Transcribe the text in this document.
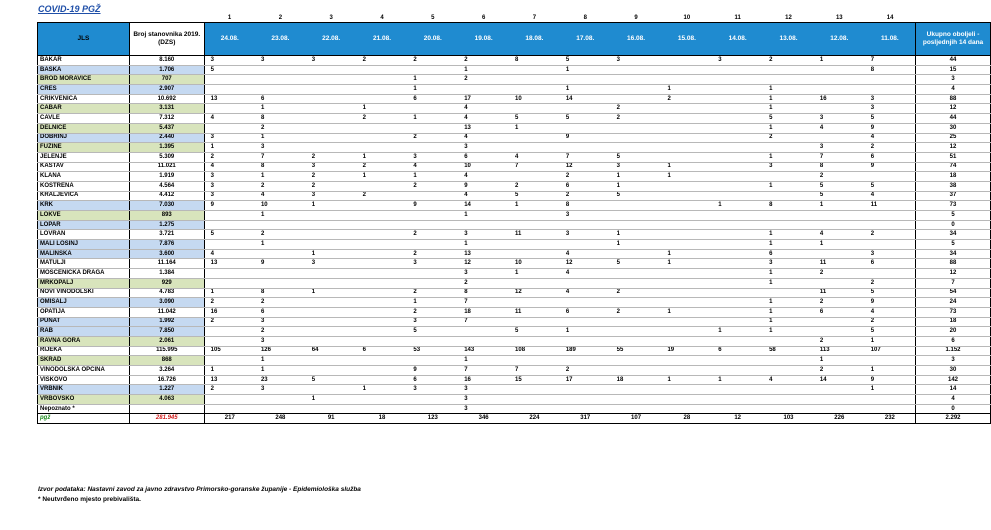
COVID-19 PGŽ
		1	2	3	4	5	6	7	8	9	10	11	12	13	14	
JLS	Broj stanovnika 2019. (DZS)	24.08.	23.08.	22.08.	21.08.	20.08.	19.08.	18.08.	17.08.	16.08.	15.08.	14.08.	13.08.	12.08.	11.08.	Ukupno oboljeli - posljednjih 14 dana
BAKAR	8.160	3	3	3	2	2	2	8	5	3		3	2	1	7	44
BAŠKA	1.706	5					1		1						8	15
BROD MORAVICE	707					1	2									3
CRES	2.907					1			1		1		1			4
CRIKVENICA	10.692	13	6			6	17	10	14		2		1	16	3	88
ČABAR	3.131		1		1		4			2			1		3	12
ČAVLE	7.312	4	8		2	1	4	5	5	2			5	3	5	44
DELNICE	5.437		2				13	1					1	4	9	30
DOBRINJ	2.440	3	1			2	4		9				2		4	25
FUŽINE	1.395	1	3				3							3	2	12
JELENJE	5.309	2	7	2	1	3	6	4	7	5			1	7	6	51
KASTAV	11.021	4	8	3	2	4	10	7	12	3	1		3	8	9	74
KLANA	1.919	3	1	2	1	1	4		2	1	1			2		18
KOSTRENA	4.564	3	2	2		2	9	2	6	1			1	5	5	38
KRALJEVICA	4.412	3	4	3	2		4	5	2	5				5	4	37
KRK	7.030	9	10	1		9	14	1	8			1	8	1	11	73
LOKVE	893		1				1		3							5
LOPAR	1.275															0
LOVRAN	3.721	5	2			2	3	11	3	1			1	4	2	34
MALI LOŠINJ	7.876		1				1			1			1	1		5
MALINSKA	3.600	4		1		2	13		4		1		6		3	34
MATULJI	11.164	13	9	3		3	12	10	12	5	1		3	11	6	88
MOŠĆENIČKA DRAGA	1.384						3	1	4				1	2		12
MRKOPALJ	929						2						1		2	7
NOVI VINODOLSKI	4.783	1	8	1		2	8	12	4	2				11	5	54
OMIŠALJ	3.090	2	2			1	7						1	2	9	24
OPATIJA	11.042	16	6			2	18	11	6	2	1		1	6	4	73
PUNAT	1.992	2	3			3	7						1		2	18
RAB	7.850		2			5		5	1			1	1		5	20
RAVNA GORA	2.061		3											2	1	6
RIJEKA	115.995	105	126	64	6	53	143	108	189	55	19	6	58	113	107	1.152
SKRAD	868		1				1							1		3
VINODOLSKA OPĆINA	3.264	1	1			9	7	7	2					2	1	30
VIŠKOVO	16.726	13	23	5		6	16	15	17	18	1	1	4	14	9	142
VRBNIK	1.227	2	3		1	3	3								1	14
VRBOVSKO	4.063			1			3									4
Nepoznato *							3									0
pgž	281.945	217	248	91	18	123	346	224	317	107	28	12	103	226	232	2.292
Izvor podataka: Nastavni zavod za javno zdravstvo Primorsko-goranske županije - Epidemiološka služba
* Neutvrđeno mjesto prebivališta.
